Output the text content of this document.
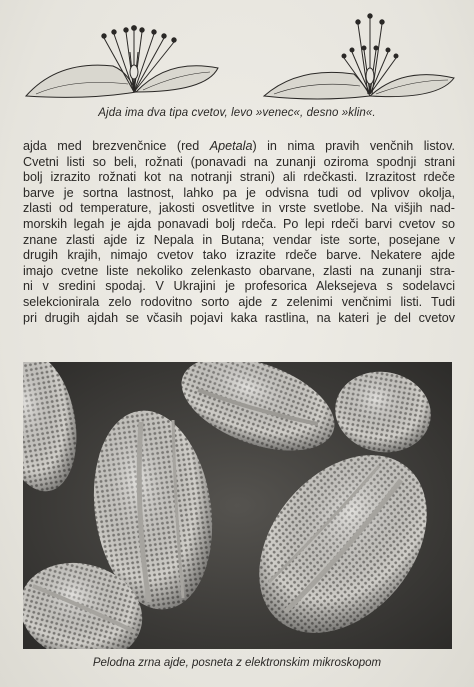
Ajda ima dva tipa cvetov, levo »venec«, desno »klin«.
ajda med brezvenčnice (red Apetala) in nima pravih venčnih listov.
Cvetni listi so beli, rožnati (ponavadi na zunanji oziroma spodnji strani
bolj izrazito rožnati kot na notranji strani) ali rdečkasti. Izrazitost rdeče
barve je sortna lastnost, lahko pa je odvisna tudi od vplivov okolja,
zlasti od temperature, jakosti osvetlitve in vrste svetlobe. Na višjih nad-
morskih legah je ajda ponavadi bolj rdeča. Po lepi rdeči barvi cvetov so
znane zlasti ajde iz Nepala in Butana; vendar iste sorte, posejane v
drugih krajih, nimajo cvetov tako izrazite rdeče barve. Nekatere ajde
imajo cvetne liste nekoliko zelenkasto obarvane, zlasti na zunanji stra-
ni v sredini spodaj. V Ukrajini je profesorica Aleksejeva s sodelavci
selekcionirala zelo rodovitno sorto ajde z zelenimi venčnimi listi. Tudi
pri drugih ajdah se včasih pojavi kaka rastlina, na kateri je del cvetov
Pelodna zrna ajde, posneta z elektronskim mikroskopom
